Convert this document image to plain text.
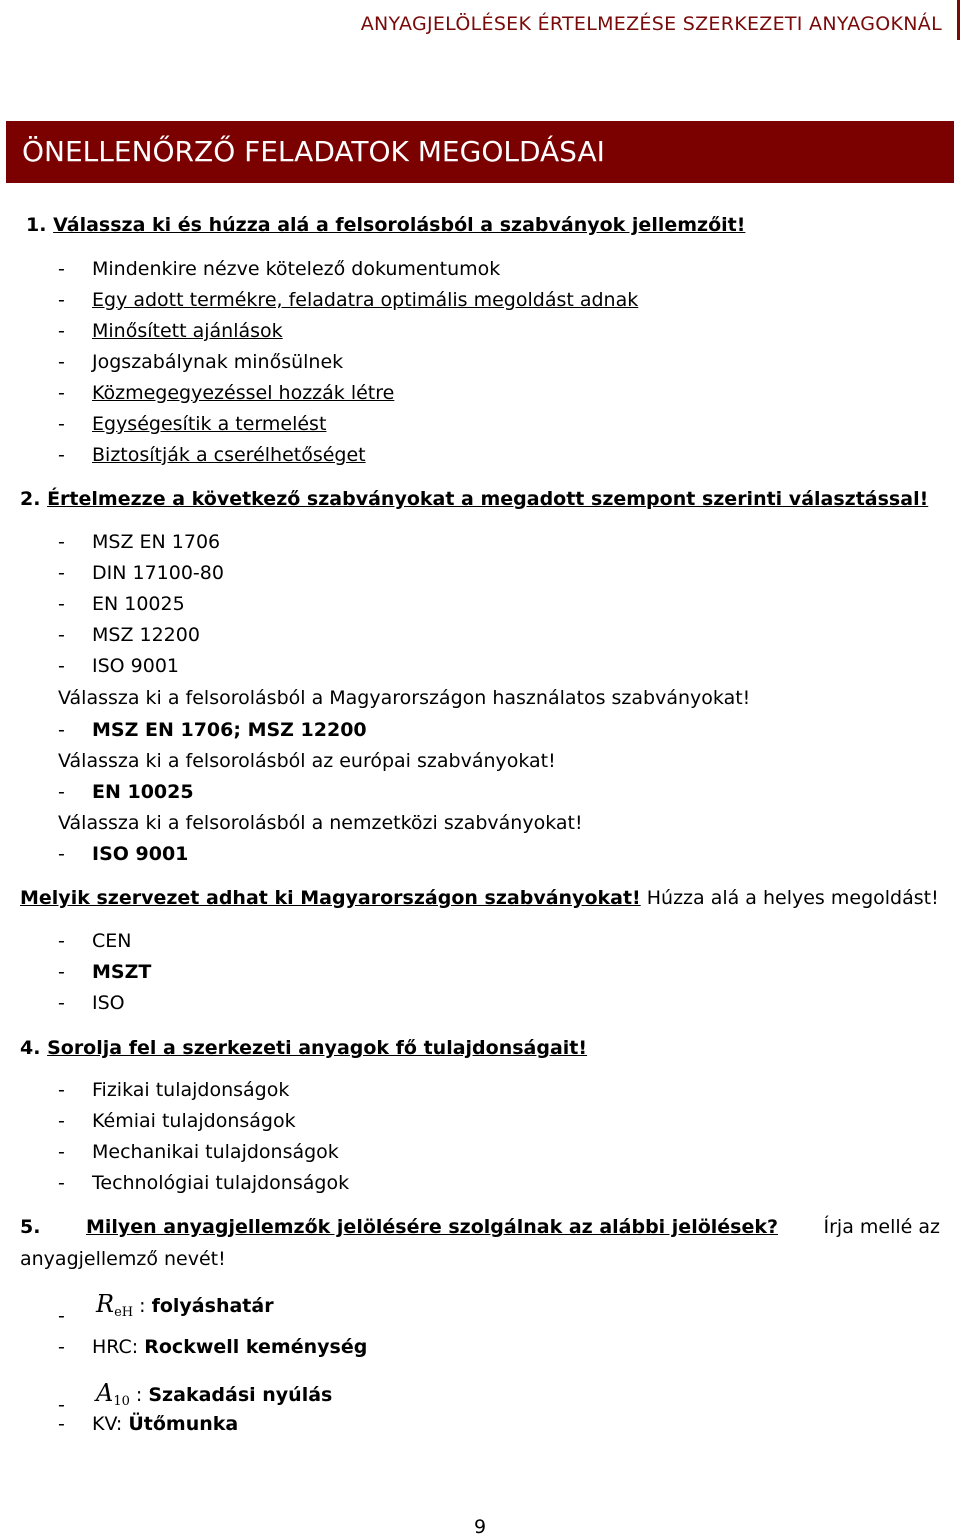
ANYAGJELÖLÉSEK ÉRTELMEZÉSE SZERKEZETI ANYAGOKNÁL
ÖNELLENŐRZŐ FELADATOK MEGOLDÁSAI
1. Válassza ki és húzza alá a felsorolásból a szabványok jellemzőit!
- Mindenkire nézve kötelező dokumentumok
- Egy adott termékre, feladatra optimális megoldást adnak
- Minősített ajánlások
- Jogszabálynak minősülnek
- Közmegegyezéssel hozzák létre
- Egységesítik a termelést
- Biztosítják a cserélhetőséget
2. Értelmezze a következő szabványokat a megadott szempont szerinti választással!
- MSZ EN 1706
- DIN 17100-80
- EN 10025
- MSZ 12200
- ISO 9001
Válassza ki a felsorolásból a Magyarországon használatos szabványokat!
- MSZ EN 1706; MSZ 12200
Válassza ki a felsorolásból az európai szabványokat!
- EN 10025
Válassza ki a felsorolásból a nemzetközi szabványokat!
- ISO 9001
Melyik szervezet adhat ki Magyarországon szabványokat! Húzza alá a helyes megoldást!
- CEN
- MSZT
- ISO
4. Sorolja fel a szerkezeti anyagok fő tulajdonságait!
- Fizikai tulajdonságok
- Kémiai tulajdonságok
- Mechanikai tulajdonságok
- Technológiai tulajdonságok
5. Milyen anyagjellemzők jelölésére szolgálnak az alábbi jelölések? Írja mellé az
anyagjellemző nevét!
- $R_{eH}$ : folyáshatár
- HRC: Rockwell keménység
- $A_{10}$ : Szakadási nyúlás
- KV: Ütőmunka
9
